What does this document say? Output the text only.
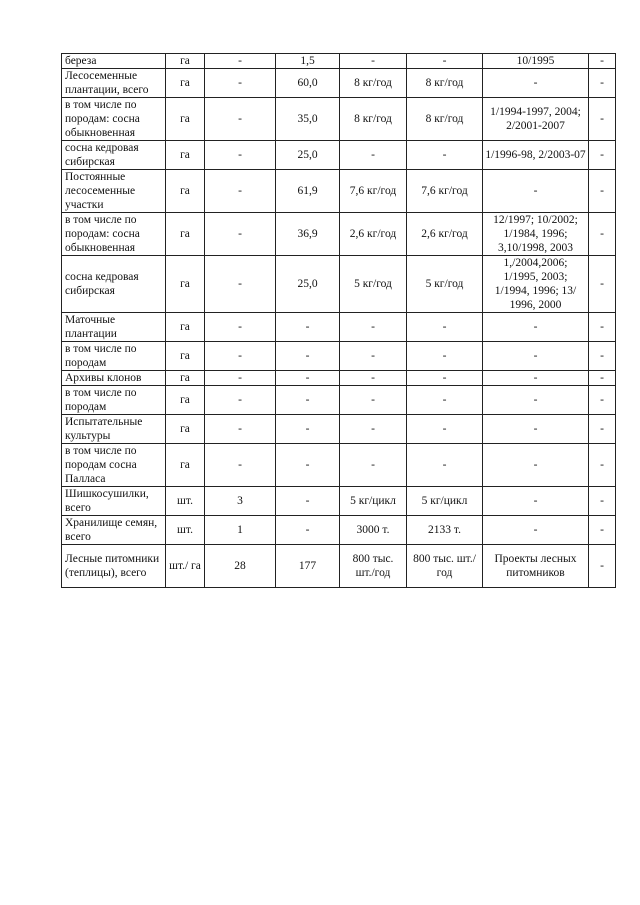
береза	га	-	1,5	-	-	10/1995	-
Лесосеменные плантации, всего	га	-	60,0	8 кг/год	8 кг/год	-	-
в том числе по породам: сосна обыкновенная	га	-	35,0	8 кг/год	8 кг/год	1/1994-1997, 2004; 2/2001-2007	-
сосна кедровая сибирская	га	-	25,0	-	-	1/1996-98, 2/2003-07	-
Постоянные лесосеменные участки	га	-	61,9	7,6 кг/год	7,6 кг/год	-	-
в том числе по породам: сосна обыкновенная	га	-	36,9	2,6 кг/год	2,6 кг/год	12/1997; 10/2002; 1/1984, 1996; 3,10/1998, 2003	-
сосна кедровая сибирская	га	-	25,0	5 кг/год	5 кг/год	1,/2004,2006; 1/1995, 2003; 1/1994, 1996; 13/ 1996, 2000	-
Маточные плантации	га	-	-	-	-	-	-
в том числе по породам	га	-	-	-	-	-	-
Архивы клонов	га	-	-	-	-	-	-
в том числе по породам	га	-	-	-	-	-	-
Испытательные культуры	га	-	-	-	-	-	-
в том числе по породам сосна Палласа	га	-	-	-	-	-	-
Шишкосушилки, всего	шт.	3	-	5 кг/цикл	5 кг/цикл	-	-
Хранилище семян, всего	шт.	1	-	3000 т.	2133 т.	-	-
Лесные питомники (теплицы), всего	шт./ га	28	177	800 тыс. шт./год	800 тыс. шт./год	Проекты лесных питомников	-
